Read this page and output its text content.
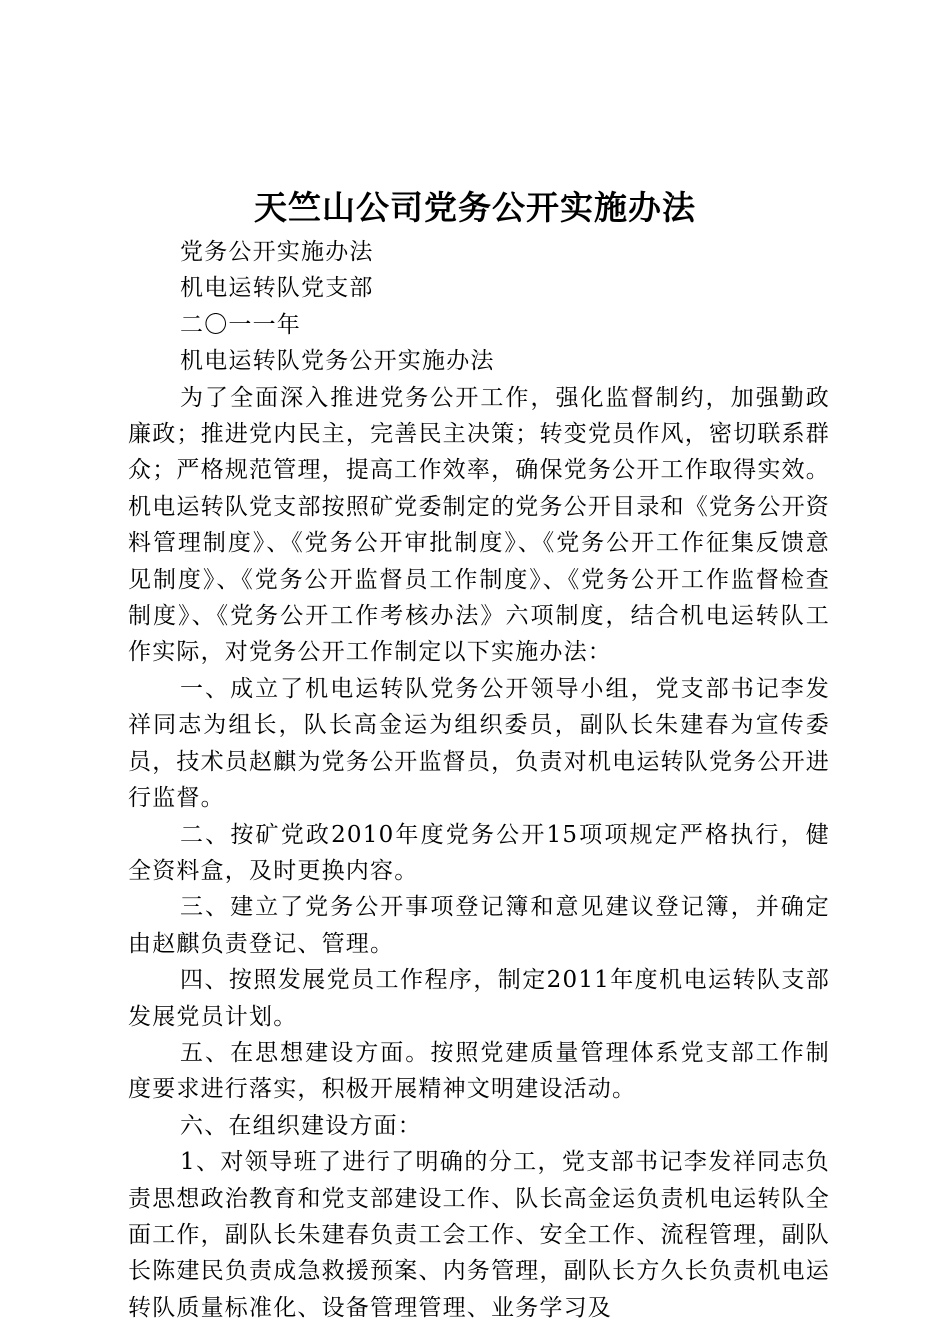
天竺山公司党务公开实施办法

党务公开实施办法

机电运转队党支部

二〇一一年

机电运转队党务公开实施办法

为了全面深入推进党务公开工作，强化监督制约，加强勤政廉政；推进党内民主，完善民主决策；转变党员作风，密切联系群众；严格规范管理，提高工作效率，确保党务公开工作取得实效。机电运转队党支部按照矿党委制定的党务公开目录和《党务公开资料管理制度》、《党务公开审批制度》、《党务公开工作征集反馈意见制度》、《党务公开监督员工作制度》、《党务公开工作监督检查制度》、《党务公开工作考核办法》六项制度，结合机电运转队工作实际，对党务公开工作制定以下实施办法：

一、成立了机电运转队党务公开领导小组，党支部书记李发祥同志为组长，队长高金运为组织委员，副队长朱建春为宣传委员，技术员赵麒为党务公开监督员，负责对机电运转队党务公开进行监督。

二、按矿党政2010年度党务公开15项项规定严格执行，健全资料盒，及时更换内容。

三、建立了党务公开事项登记簿和意见建议登记簿，并确定由赵麒负责登记、管理。

四、按照发展党员工作程序，制定2011年度机电运转队支部发展党员计划。

五、在思想建设方面。按照党建质量管理体系党支部工作制度要求进行落实，积极开展精神文明建设活动。

六、在组织建设方面：

1、对领导班了进行了明确的分工，党支部书记李发祥同志负责思想政治教育和党支部建设工作、队长高金运负责机电运转队全面工作，副队长朱建春负责工会工作、安全工作、流程管理，副队长陈建民负责成急救援预案、内务管理，副队长方久长负责机电运转队质量标准化、设备管理管理、业务学习及
